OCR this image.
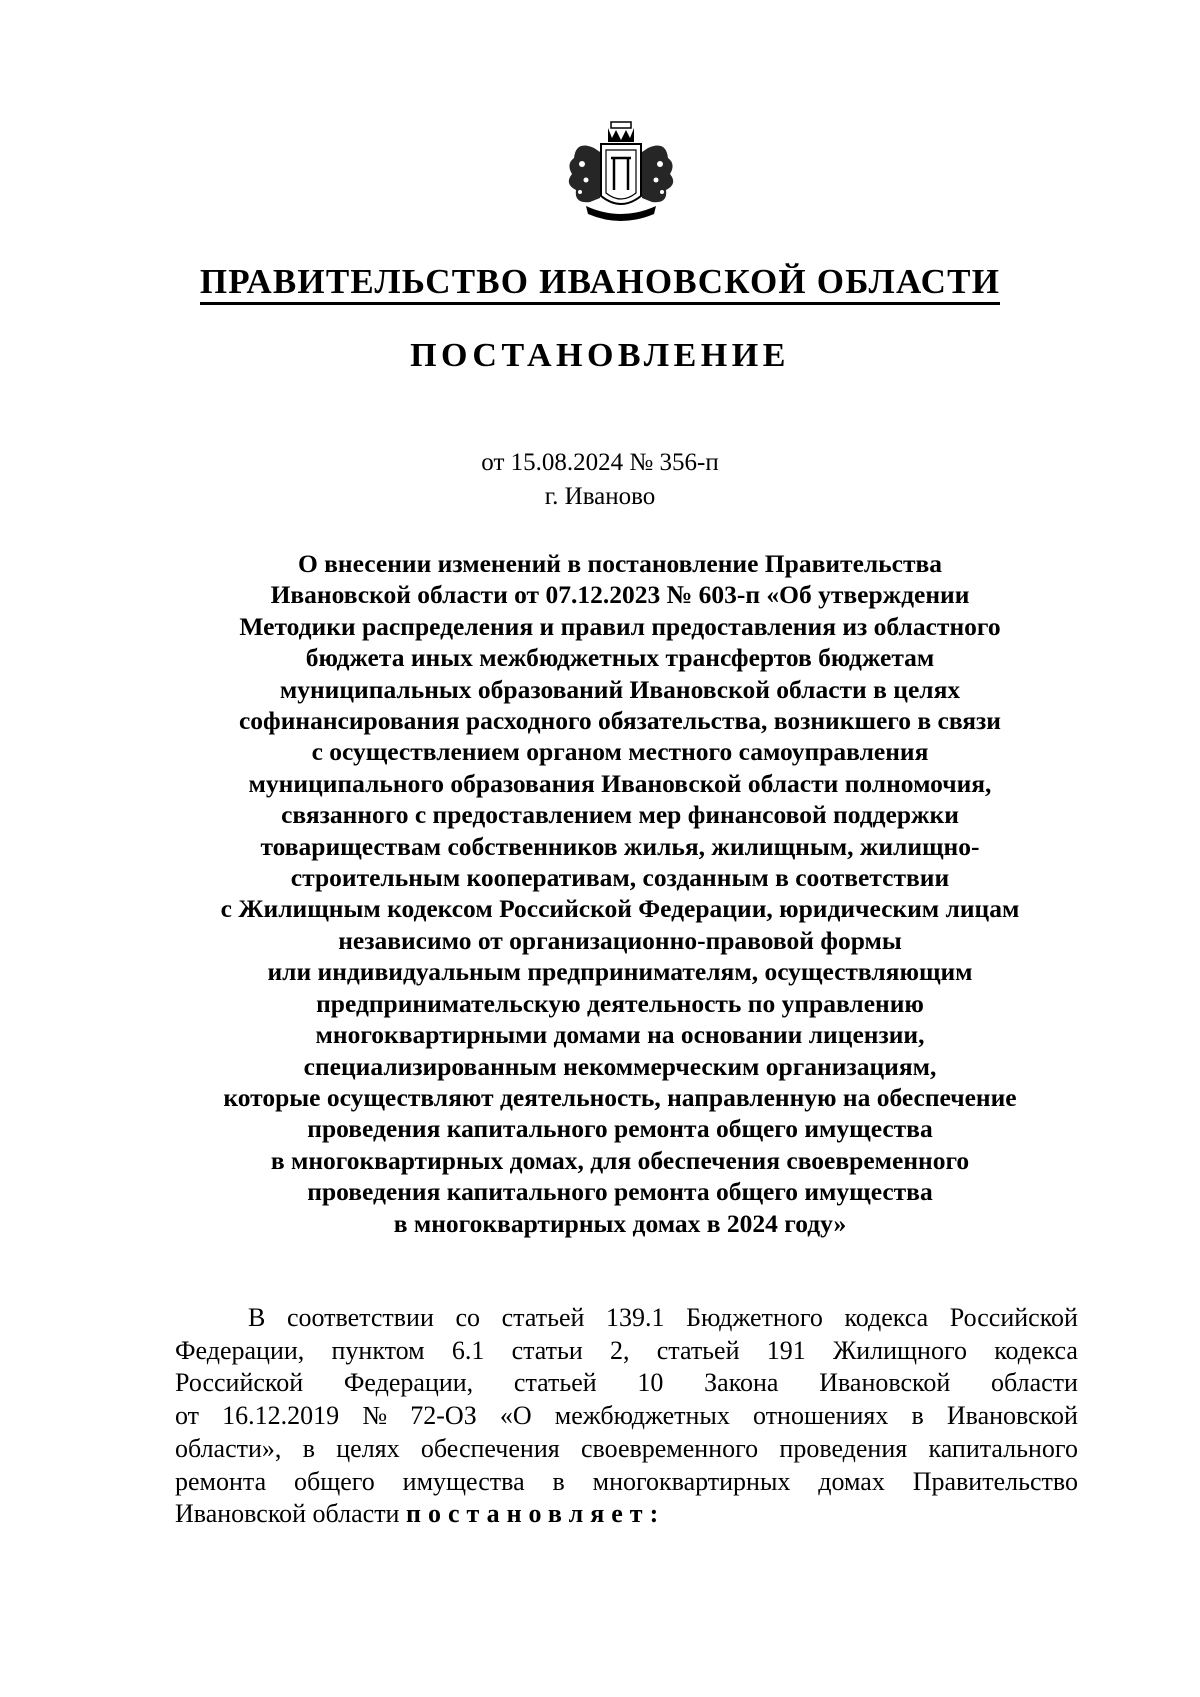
ПРАВИТЕЛЬСТВО ИВАНОВСКОЙ ОБЛАСТИ
ПОСТАНОВЛЕНИЕ
от 15.08.2024 № 356-п
г. Иваново
О внесении изменений в постановление Правительства
Ивановской области от 07.12.2023 № 603-п «Об утверждении
Методики распределения и правил предоставления из областного
бюджета иных межбюджетных трансфертов бюджетам
муниципальных образований Ивановской области в целях
софинансирования расходного обязательства, возникшего в связи
с осуществлением органом местного самоуправления
муниципального образования Ивановской области полномочия,
связанного с предоставлением мер финансовой поддержки
товариществам собственников жилья, жилищным, жилищно-
строительным кооперативам, созданным в соответствии
с Жилищным кодексом Российской Федерации, юридическим лицам
независимо от организационно-правовой формы
или индивидуальным предпринимателям, осуществляющим
предпринимательскую деятельность по управлению
многоквартирными домами на основании лицензии,
специализированным некоммерческим организациям,
которые осуществляют деятельность, направленную на обеспечение
проведения капитального ремонта общего имущества
в многоквартирных домах, для обеспечения своевременного
проведения капитального ремонта общего имущества
в многоквартирных домах в 2024 году»
В соответствии со статьей 139.1 Бюджетного кодекса Российской
Федерации, пунктом 6.1 статьи 2, статьей 191 Жилищного кодекса
Российской Федерации, статьей 10 Закона Ивановской области
от 16.12.2019 № 72-ОЗ «О межбюджетных отношениях в Ивановской
области», в целях обеспечения своевременного проведения капитального
ремонта общего имущества в многоквартирных домах Правительство
Ивановской области постановляет:
